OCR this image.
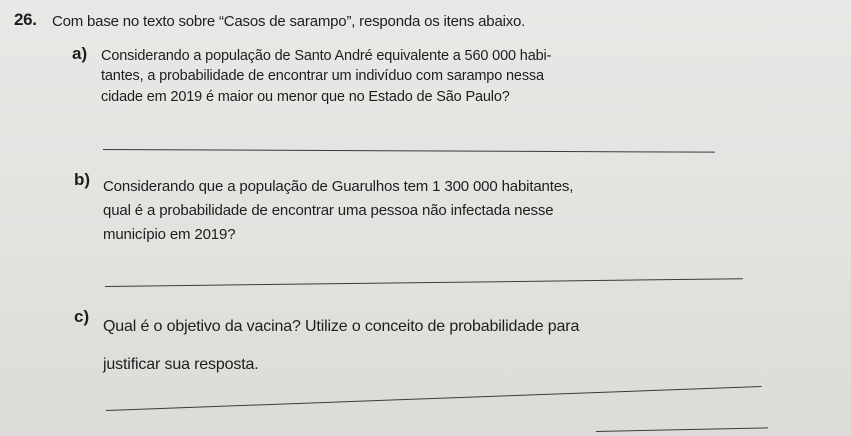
26. Com base no texto sobre “Casos de sarampo”, responda os itens abaixo.
a) Considerando a população de Santo André equivalente a 560 000 habi-
tantes, a probabilidade de encontrar um indivíduo com sarampo nessa
cidade em 2019 é maior ou menor que no Estado de São Paulo?
b) Considerando que a população de Guarulhos tem 1 300 000 habitantes,
qual é a probabilidade de encontrar uma pessoa não infectada nesse
município em 2019?
c)
Qual é o objetivo da vacina? Utilize o conceito de probabilidade para
justificar sua resposta.
